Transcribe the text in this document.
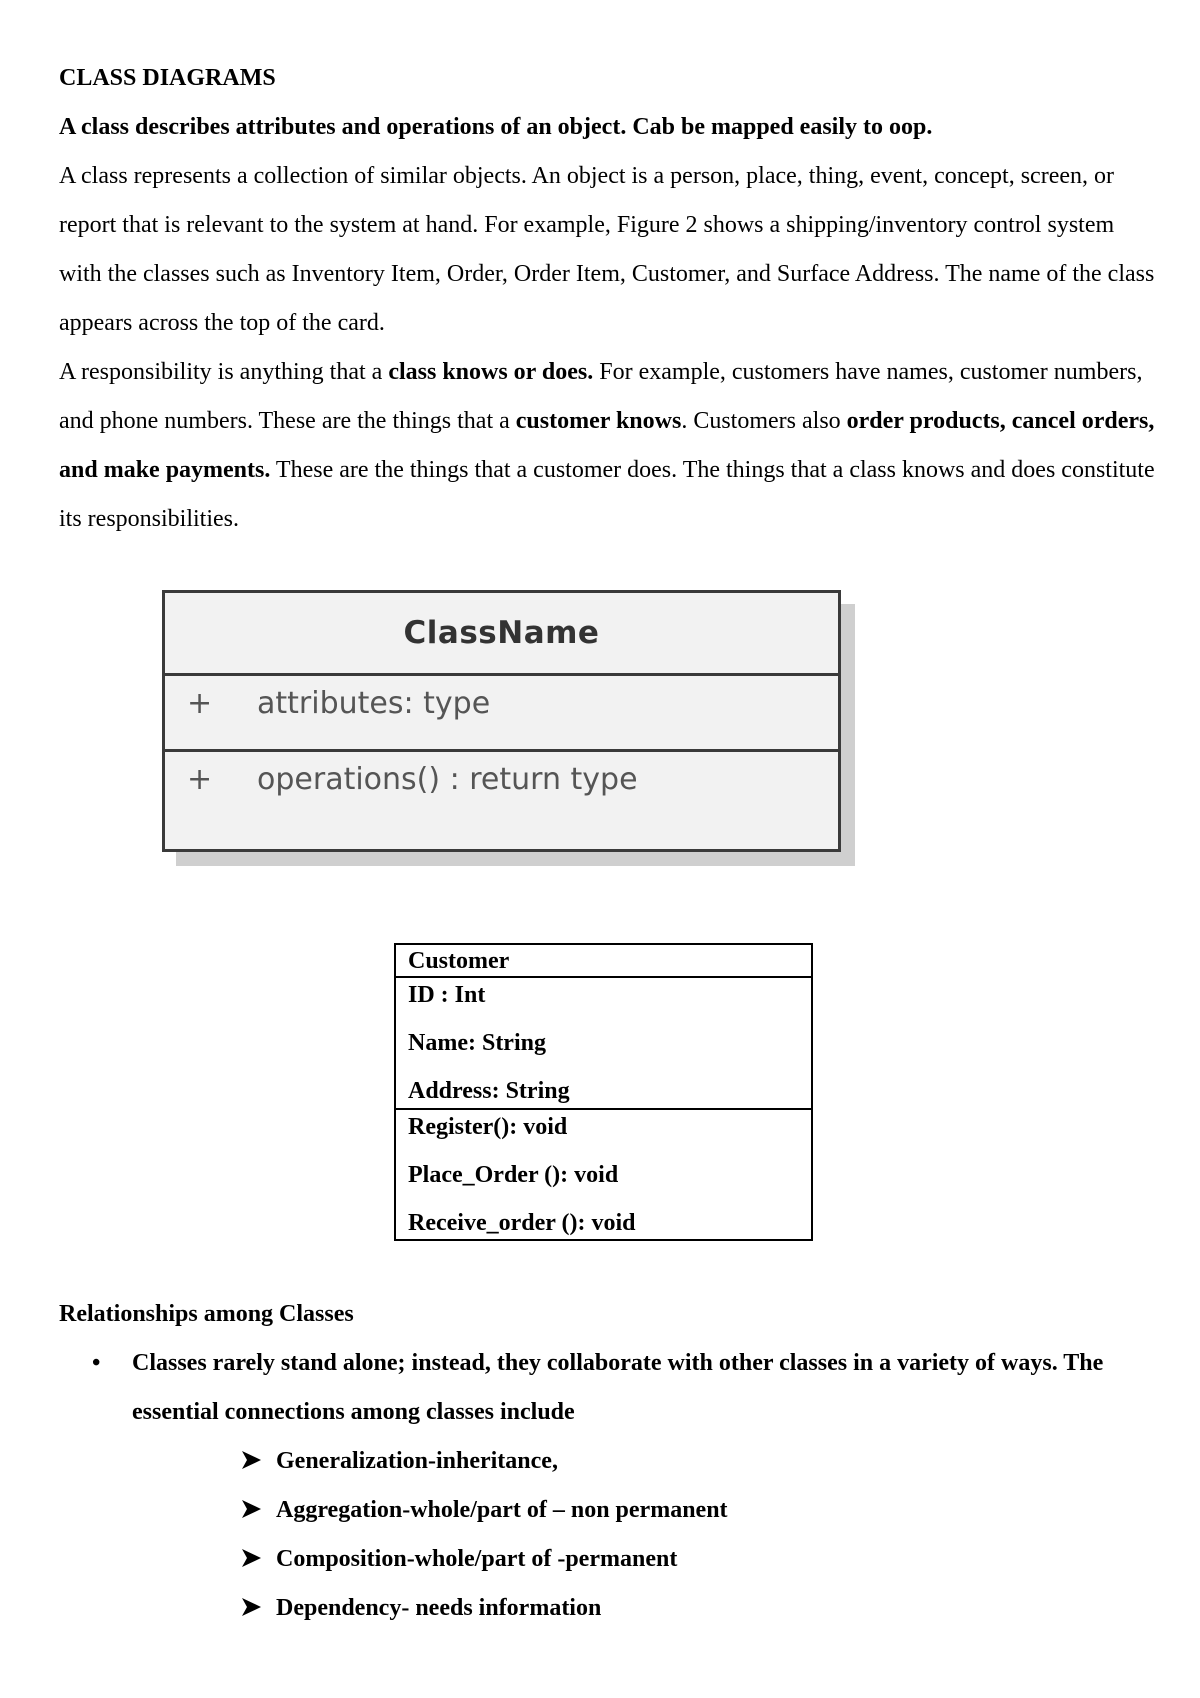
CLASS DIAGRAMS

A class describes attributes and operations of an object. Cab be mapped easily to oop.

A class represents a collection of similar objects. An object is a person, place, thing, event, concept, screen, or report that is relevant to the system at hand. For example, Figure 2 shows a shipping/inventory control system with the classes such as Inventory Item, Order, Order Item, Customer, and Surface Address. The name of the class appears across the top of the card.

A responsibility is anything that a class knows or does. For example, customers have names, customer numbers, and phone numbers. These are the things that a customer knows. Customers also order products, cancel orders, and make payments. These are the things that a customer does. The things that a class knows and does constitute its responsibilities.

ClassName
+ attributes: type
+ operations() : return type
Customer
ID : Int
Name: String
Address: String
Register(): void
Place_Order (): void
Receive_order (): void
Relationships among Classes
• Classes rarely stand alone; instead, they collaborate with other classes in a variety of ways. The essential connections among classes include
Generalization-inheritance,
Aggregation-whole/part of – non permanent
Composition-whole/part of -permanent
Dependency- needs information
